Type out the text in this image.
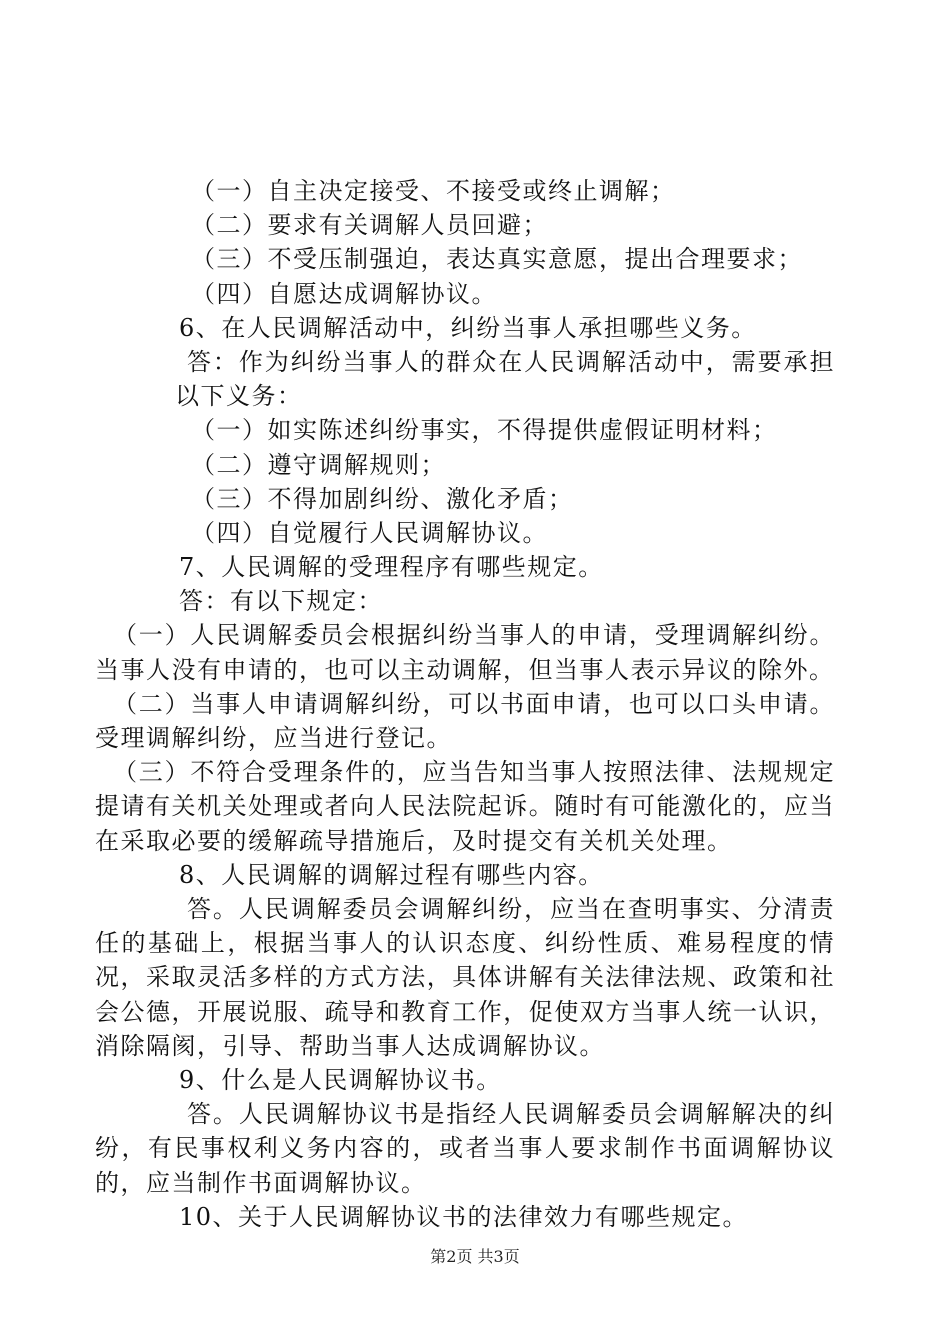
（一）自主决定接受、不接受或终止调解；
（二）要求有关调解人员回避；
（三）不受压制强迫，表达真实意愿，提出合理要求；
（四）自愿达成调解协议。
6、在人民调解活动中，纠纷当事人承担哪些义务。
答：作为纠纷当事人的群众在人民调解活动中，需要承担以下义务：
（一）如实陈述纠纷事实，不得提供虚假证明材料；
（二）遵守调解规则；
（三）不得加剧纠纷、激化矛盾；
（四）自觉履行人民调解协议。
7、人民调解的受理程序有哪些规定。
答：有以下规定：
（一）人民调解委员会根据纠纷当事人的申请，受理调解纠纷。当事人没有申请的，也可以主动调解，但当事人表示异议的除外。
（二）当事人申请调解纠纷，可以书面申请，也可以口头申请。受理调解纠纷，应当进行登记。
（三）不符合受理条件的，应当告知当事人按照法律、法规规定提请有关机关处理或者向人民法院起诉。随时有可能激化的，应当在采取必要的缓解疏导措施后，及时提交有关机关处理。
8、人民调解的调解过程有哪些内容。
答。人民调解委员会调解纠纷，应当在查明事实、分清责任的基础上，根据当事人的认识态度、纠纷性质、难易程度的情况，采取灵活多样的方式方法，具体讲解有关法律法规、政策和社会公德，开展说服、疏导和教育工作，促使双方当事人统一认识，消除隔阂，引导、帮助当事人达成调解协议。
9、什么是人民调解协议书。
答。人民调解协议书是指经人民调解委员会调解解决的纠纷，有民事权利义务内容的，或者当事人要求制作书面调解协议的，应当制作书面调解协议。
10、关于人民调解协议书的法律效力有哪些规定。
第2页 共3页
